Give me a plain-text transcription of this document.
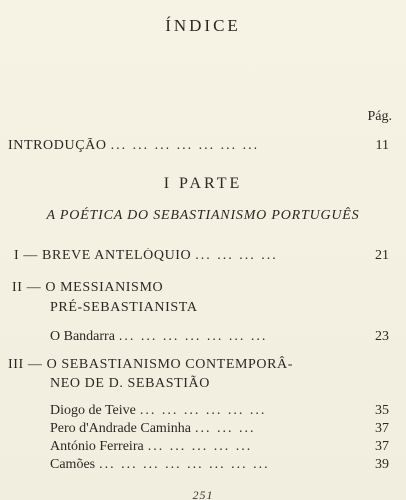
ÍNDICE
Pág.
INTRODUÇÃO ... ... ... ... ... ... ...	11
I PARTE
A POÉTICA DO SEBASTIANISMO PORTUGUÊS
I — BREVE ANTELÓQUIO ... ... ... ...	21
II — O MESSIANISMO
PRÉ-SEBASTIANISTA
O Bandarra ... ... ... ... ... ... ...	23
III — O SEBASTIANISMO CONTEMPORÂ-
NEO DE D. SEBASTIÃO
Diogo de Teive ... ... ... ... ... ...	35
Pero d'Andrade Caminha ... ... ...	37
António Ferreira ... ... ... ... ...	37
Camões ... ... ... ... ... ... ... ...	39
251
